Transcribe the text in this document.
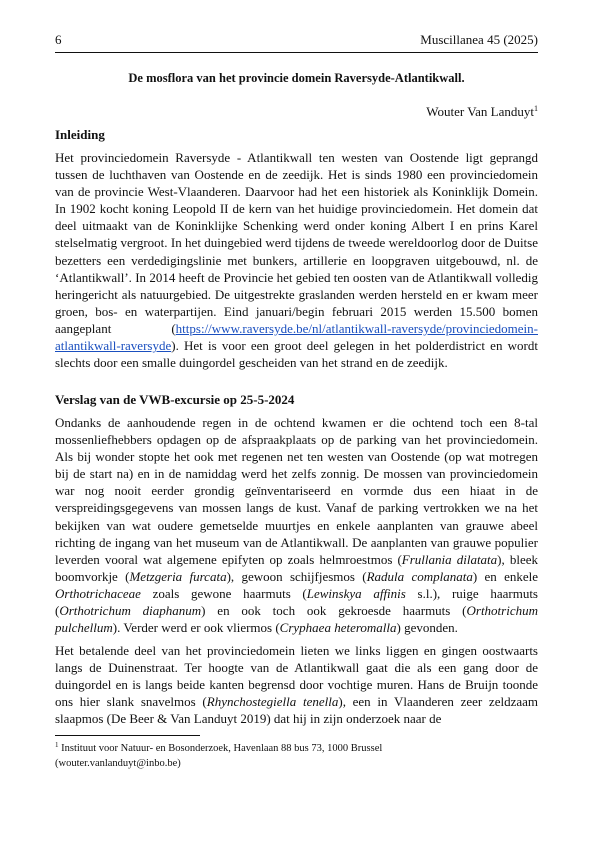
6	Muscillanea 45 (2025)
De mosflora van het provincie domein Raversyde-Atlantikwall.
Wouter Van Landuyt$^1$
Inleiding
Het provinciedomein Raversyde - Atlantikwall ten westen van Oostende ligt geprangd tussen de luchthaven van Oostende en de zeedijk. Het is sinds 1980 een provinciedomein van de provincie West-Vlaanderen. Daarvoor had het een historiek als Koninklijk Domein. In 1902 kocht koning Leopold II de kern van het huidige provinciedomein. Het domein dat deel uitmaakt van de Koninklijke Schenking werd onder koning Albert I en prins Karel stelselmatig vergroot. In het duingebied werd tijdens de tweede wereldoorlog door de Duitse bezetters een verdedigingslinie met bunkers, artillerie en loopgraven uitgebouwd, nl. de ‘Atlantikwall’. In 2014 heeft de Provincie het gebied ten oosten van de Atlantikwall volledig heringericht als natuurgebied. De uitgestrekte graslanden werden hersteld en er kwam meer groen, bos- en waterpartijen. Eind januari/begin februari 2015 werden 15.500 bomen aangeplant (https://www.raversyde.be/nl/atlantikwall-raversyde/provinciedomein-atlantikwall-raversyde). Het is voor een groot deel gelegen in het polderdistrict en wordt slechts door een smalle duingordel gescheiden van het strand en de zeedijk.
Verslag van de VWB-excursie op 25-5-2024
Ondanks de aanhoudende regen in de ochtend kwamen er die ochtend toch een 8-tal mossenliefhebbers opdagen op de afspraakplaats op de parking van het provinciedomein. Als bij wonder stopte het ook met regenen net ten westen van Oostende (op wat motregen bij de start na) en in de namiddag werd het zelfs zonnig. De mossen van provinciedomein war nog nooit eerder grondig geïnventariseerd en vormde dus een hiaat in de verspreidingsgegevens van mossen langs de kust. Vanaf de parking vertrokken we na het bekijken van wat oudere gemetselde muurtjes en enkele aanplanten van grauwe abeel richting de ingang van het museum van de Atlantikwall. De aanplanten van grauwe populier leverden vooral wat algemene epifyten op zoals helmroestmos (Frullania dilatata), bleek boomvorkje (Metzgeria furcata), gewoon schijfjesmos (Radula complanata) en enkele Orthotrichaceae zoals gewone haarmuts (Lewinskya affinis s.l.), ruige haarmuts (Orthotrichum diaphanum) en ook toch ook gekroesde haarmuts (Orthotrichum pulchellum). Verder werd er ook vliermos (Cryphaea heteromalla) gevonden.
Het betalende deel van het provinciedomein lieten we links liggen en gingen oostwaarts langs de Duinenstraat. Ter hoogte van de Atlantikwall gaat die als een gang door de duingordel en is langs beide kanten begrensd door vochtige muren. Hans de Bruijn toonde ons hier slank snavelmos (Rhynchostegiella tenella), een in Vlaanderen zeer zeldzaam slaapmos (De Beer & Van Landuyt 2019) dat hij in zijn onderzoek naar de
$^1$ Instituut voor Natuur- en Bosonderzoek, Havenlaan 88 bus 73, 1000 Brussel
(wouter.vanlanduyt@inbo.be)
